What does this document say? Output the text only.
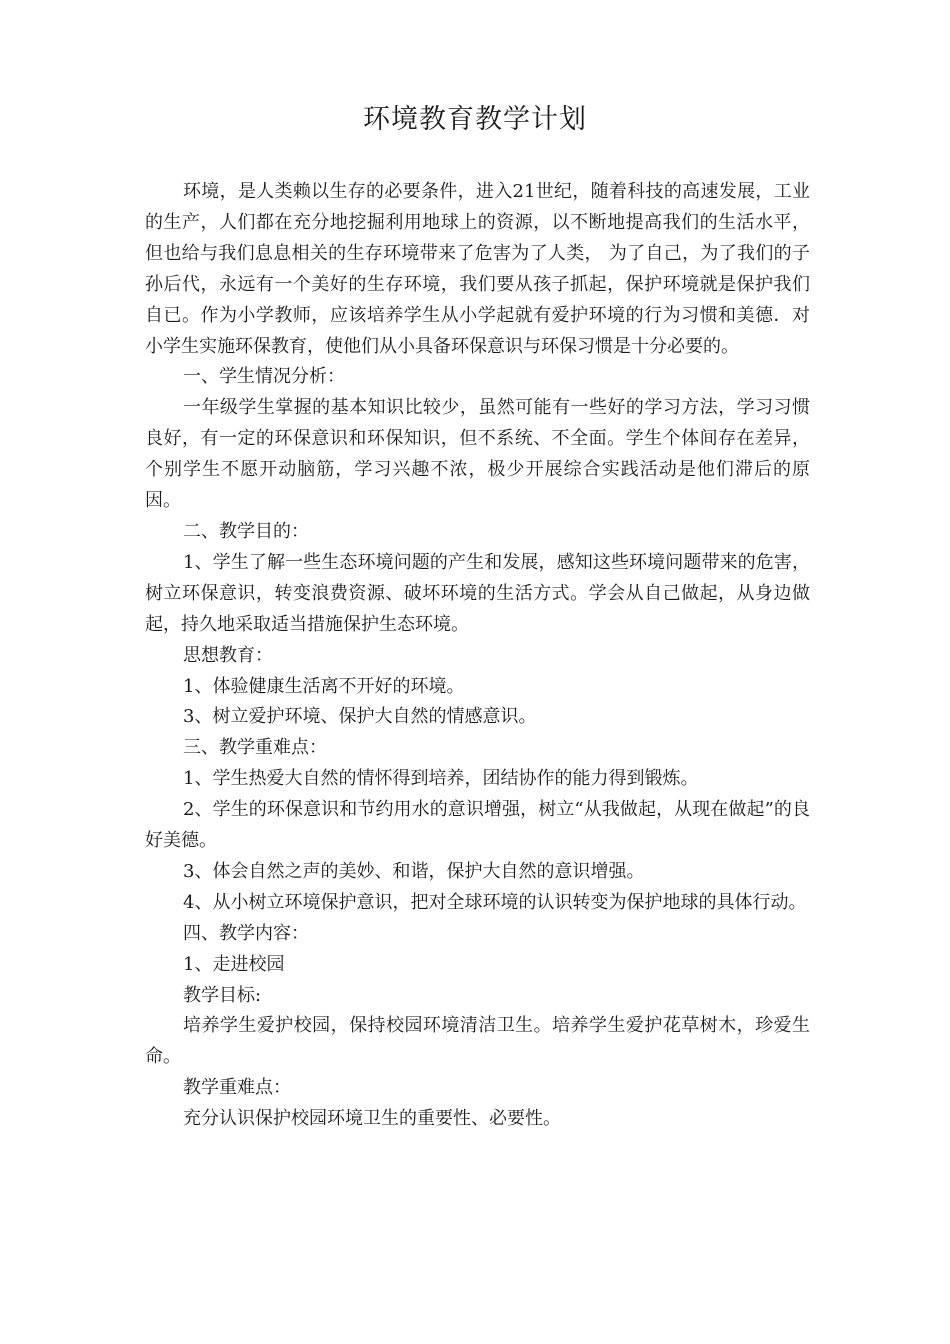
环境教育教学计划

环境，是人类赖以生存的必要条件，进入21世纪，随着科技的高速发展，工业的生产，人们都在充分地挖掘利用地球上的资源，以不断地提高我们的生活水平，但也给与我们息息相关的生存环境带来了危害为了人类， 为了自己，为了我们的子孙后代，永远有一个美好的生存环境，我们要从孩子抓起，保护环境就是保护我们自已。作为小学教师，应该培养学生从小学起就有爱护环境的行为习惯和美德．对小学生实施环保教育，使他们从小具备环保意识与环保习惯是十分必要的。

一、学生情况分析：

一年级学生掌握的基本知识比较少，虽然可能有一些好的学习方法，学习习惯良好，有一定的环保意识和环保知识，但不系统、不全面。学生个体间存在差异，个别学生不愿开动脑筋，学习兴趣不浓，极少开展综合实践活动是他们滞后的原因。

二、教学目的：

1、学生了解一些生态环境问题的产生和发展，感知这些环境问题带来的危害，树立环保意识，转变浪费资源、破坏环境的生活方式。学会从自己做起，从身边做起，持久地采取适当措施保护生态环境。

思想教育：

1、体验健康生活离不开好的环境。

3、树立爱护环境、保护大自然的情感意识。

三、教学重难点：

1、学生热爱大自然的情怀得到培养，团结协作的能力得到锻炼。

2、学生的环保意识和节约用水的意识增强，树立“从我做起，从现在做起”的良好美德。

3、体会自然之声的美妙、和谐，保护大自然的意识增强。

4、从小树立环境保护意识，把对全球环境的认识转变为保护地球的具体行动。

四、教学内容：

1、走进校园

教学目标:

培养学生爱护校园，保持校园环境清洁卫生。培养学生爱护花草树木，珍爱生命。

教学重难点：

充分认识保护校园环境卫生的重要性、必要性。
